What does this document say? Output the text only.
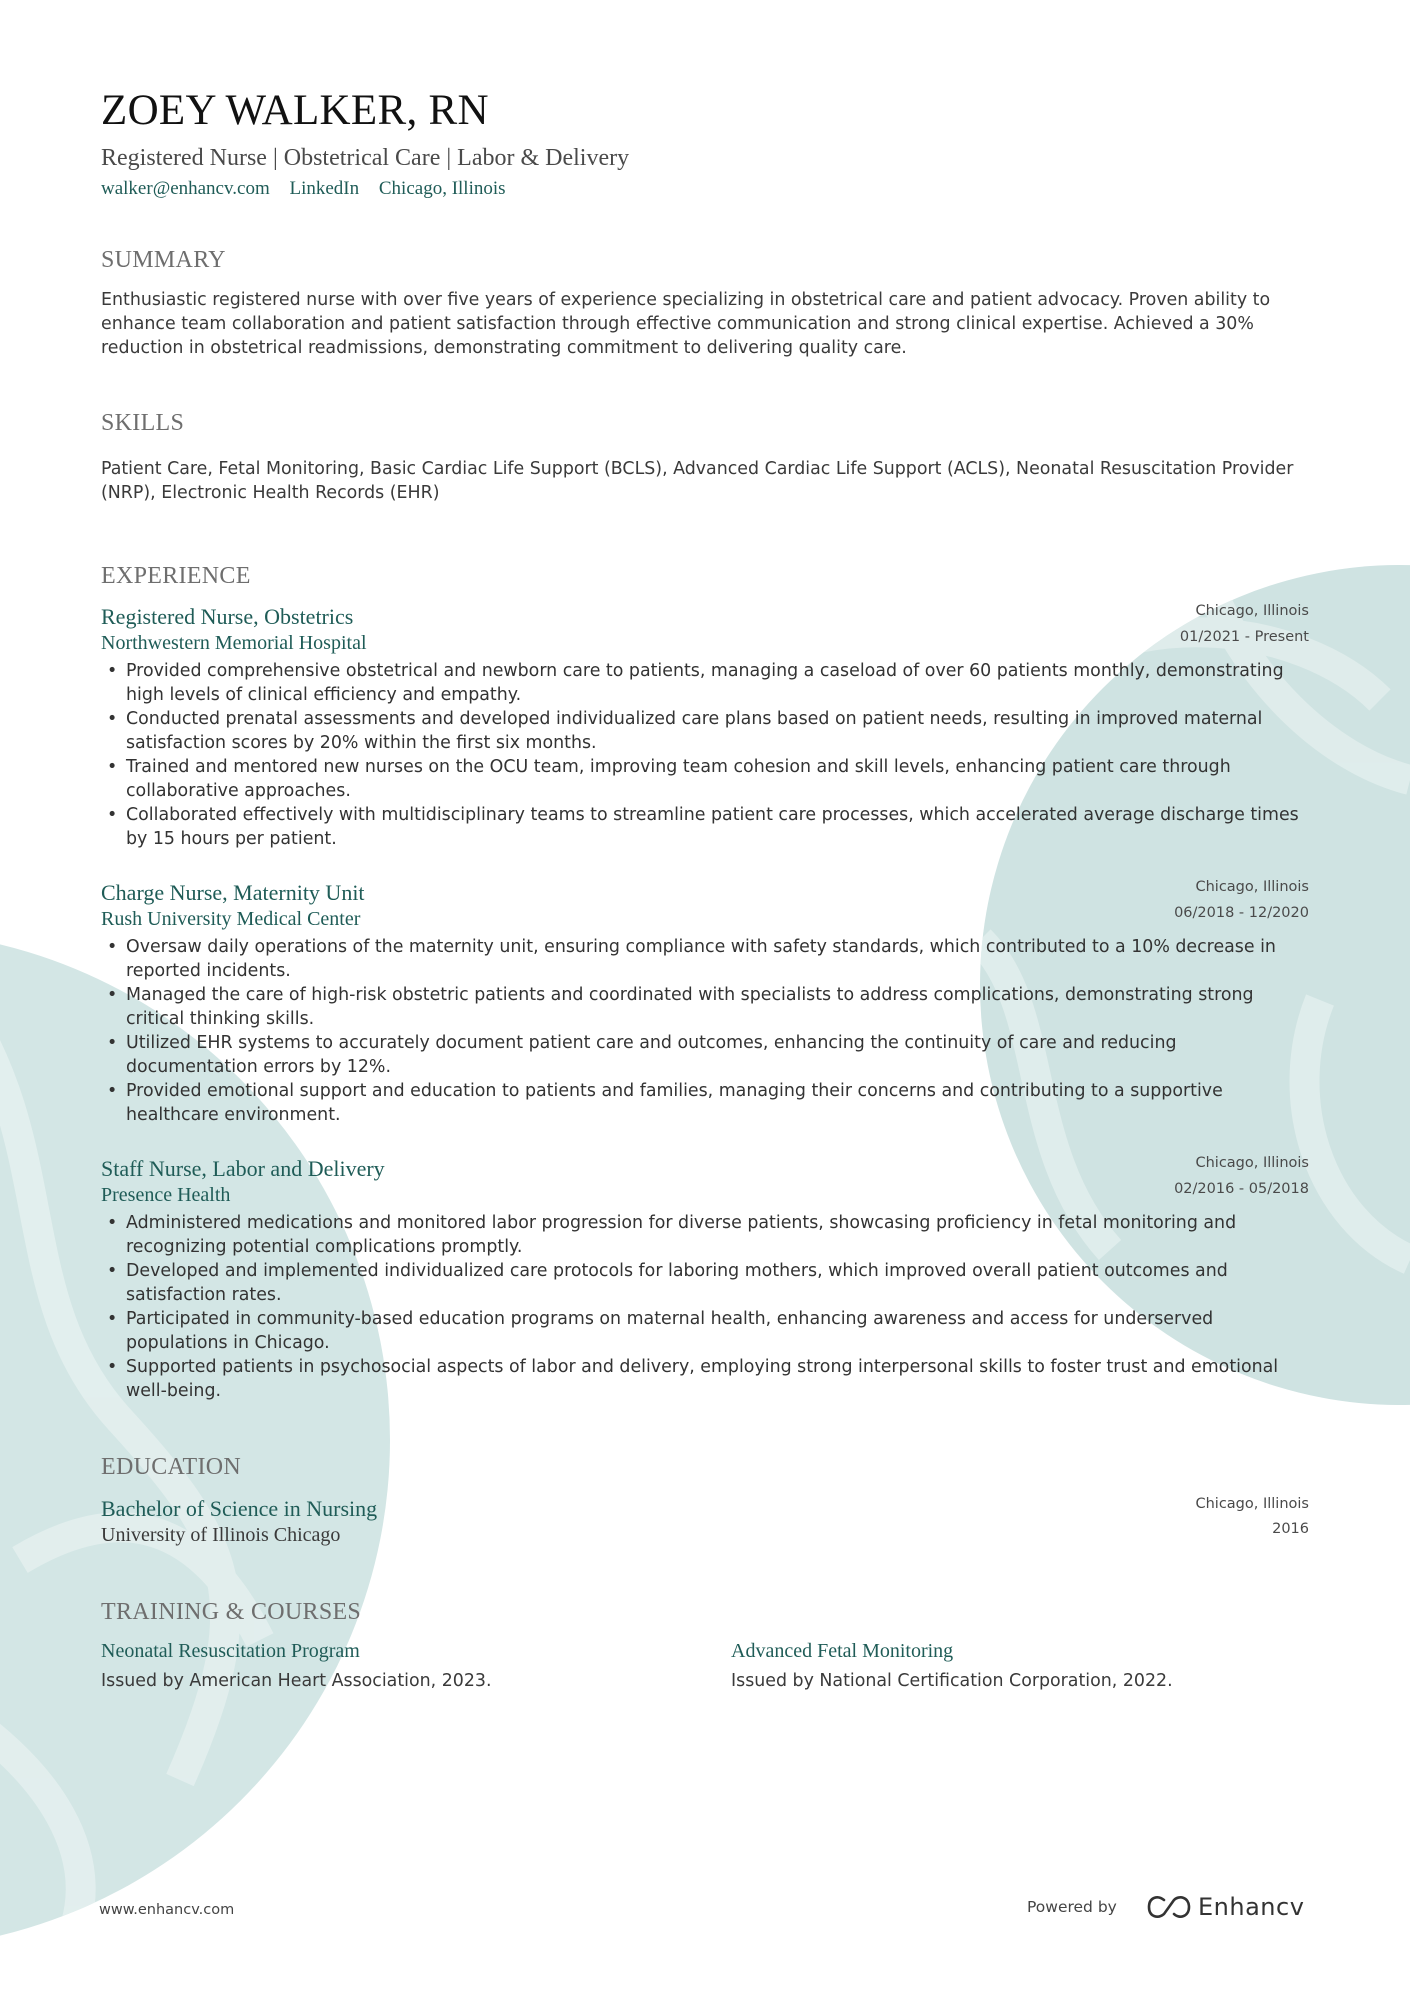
ZOEY WALKER, RN
Registered Nurse | Obstetrical Care | Labor & Delivery
walker@enhancv.com LinkedIn Chicago, Illinois
SUMMARY

Enthusiastic registered nurse with over five years of experience specializing in obstetrical care and patient advocacy. Proven ability to enhance team collaboration and patient satisfaction through effective communication and strong clinical expertise. Achieved a 30% reduction in obstetrical readmissions, demonstrating commitment to delivering quality care.

SKILLS

Patient Care, Fetal Monitoring, Basic Cardiac Life Support (BCLS), Advanced Cardiac Life Support (ACLS), Neonatal Resuscitation Provider (NRP), Electronic Health Records (EHR)

EXPERIENCE
Registered Nurse, Obstetrics
Northwestern Memorial Hospital
Chicago, Illinois
01/2021 - Present
• Provided comprehensive obstetrical and newborn care to patients, managing a caseload of over 60 patients monthly, demonstrating high levels of clinical efficiency and empathy.
• Conducted prenatal assessments and developed individualized care plans based on patient needs, resulting in improved maternal satisfaction scores by 20% within the first six months.
• Trained and mentored new nurses on the OCU team, improving team cohesion and skill levels, enhancing patient care through collaborative approaches.
• Collaborated effectively with multidisciplinary teams to streamline patient care processes, which accelerated average discharge times by 15 hours per patient.
Charge Nurse, Maternity Unit
Rush University Medical Center
Chicago, Illinois
06/2018 - 12/2020
• Oversaw daily operations of the maternity unit, ensuring compliance with safety standards, which contributed to a 10% decrease in reported incidents.
• Managed the care of high-risk obstetric patients and coordinated with specialists to address complications, demonstrating strong critical thinking skills.
• Utilized EHR systems to accurately document patient care and outcomes, enhancing the continuity of care and reducing documentation errors by 12%.
• Provided emotional support and education to patients and families, managing their concerns and contributing to a supportive healthcare environment.
Staff Nurse, Labor and Delivery
Presence Health
Chicago, Illinois
02/2016 - 05/2018
• Administered medications and monitored labor progression for diverse patients, showcasing proficiency in fetal monitoring and recognizing potential complications promptly.
• Developed and implemented individualized care protocols for laboring mothers, which improved overall patient outcomes and satisfaction rates.
• Participated in community-based education programs on maternal health, enhancing awareness and access for underserved populations in Chicago.
• Supported patients in psychosocial aspects of labor and delivery, employing strong interpersonal skills to foster trust and emotional well-being.
EDUCATION
Bachelor of Science in Nursing
University of Illinois Chicago
Chicago, Illinois
2016
TRAINING & COURSES
Neonatal Resuscitation Program
Issued by American Heart Association, 2023.
Advanced Fetal Monitoring
Issued by National Certification Corporation, 2022.
www.enhancv.com	Powered by	Enhancv
